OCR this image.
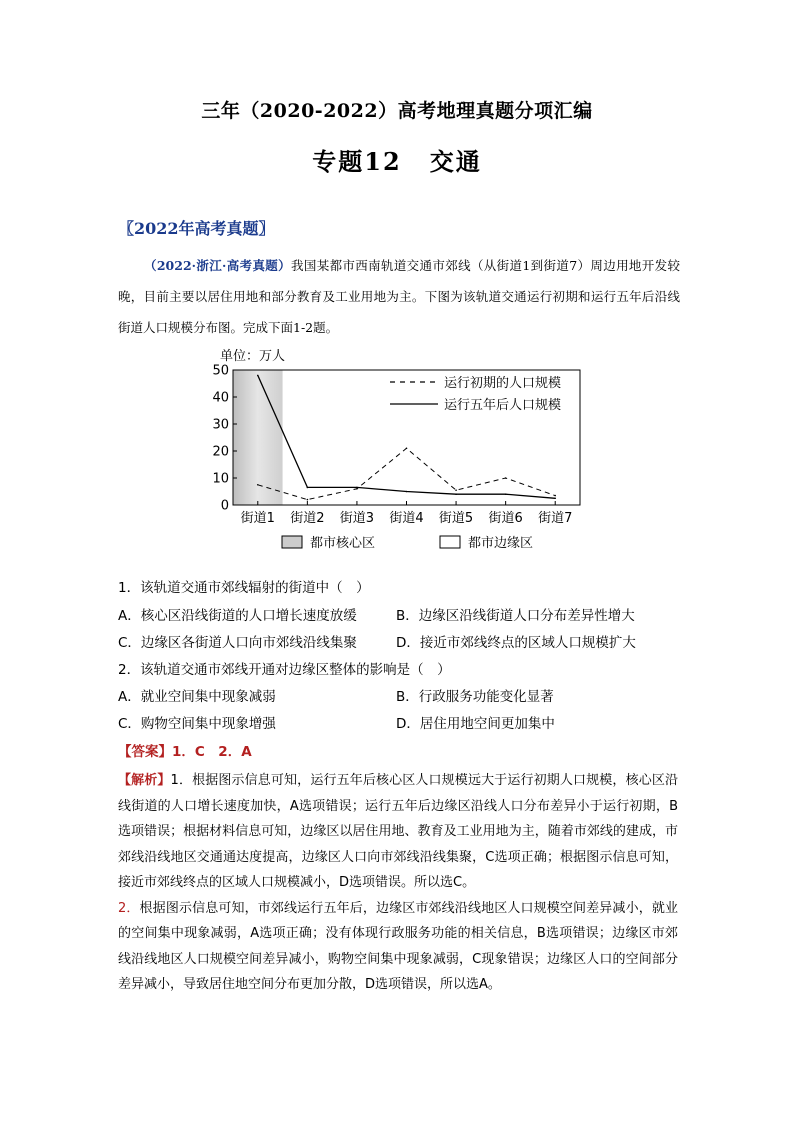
三年（2020-2022）高考地理真题分项汇编
专题12 交通
〖2022年高考真题〗
（2022·浙江·高考真题）我国某都市西南轨道交通市郊线（从街道1到街道7）周边用地开发较晚，目前主要以居住用地和部分教育及工业用地为主。下图为该轨道交通运行初期和运行五年后沿线街道人口规模分布图。完成下面1-2题。
单位：万人
0
10
20
30
40
50
街道1 街道2 街道3 街道4 街道5 街道6 街道7
运行初期的人口规模
运行五年后人口规模
都市核心区	都市边缘区
1．该轨道交通市郊线辐射的街道中（　）
A．核心区沿线街道的人口增长速度放缓	B．边缘区沿线街道人口分布差异性增大
C．边缘区各街道人口向市郊线沿线集聚	D．接近市郊线终点的区域人口规模扩大
2．该轨道交通市郊线开通对边缘区整体的影响是（　）
A．就业空间集中现象减弱	B．行政服务功能变化显著
C．购物空间集中现象增强	D．居住用地空间更加集中
【答案】1．C　2．A
【解析】1．根据图示信息可知，运行五年后核心区人口规模远大于运行初期人口规模，核心区沿线街道的人口增长速度加快，A选项错误；运行五年后边缘区沿线人口分布差异小于运行初期，B选项错误；根据材料信息可知，边缘区以居住用地、教育及工业用地为主，随着市郊线的建成，市郊线沿线地区交通通达度提高，边缘区人口向市郊线沿线集聚，C选项正确；根据图示信息可知，接近市郊线终点的区域人口规模减小，D选项错误。所以选C。
2．根据图示信息可知，市郊线运行五年后，边缘区市郊线沿线地区人口规模空间差异减小，就业的空间集中现象减弱，A选项正确；没有体现行政服务功能的相关信息，B选项错误；边缘区市郊线沿线地区人口规模空间差异减小，购物空间集中现象减弱，C现象错误；边缘区人口的空间部分差异减小，导致居住地空间分布更加分散，D选项错误，所以选A。
